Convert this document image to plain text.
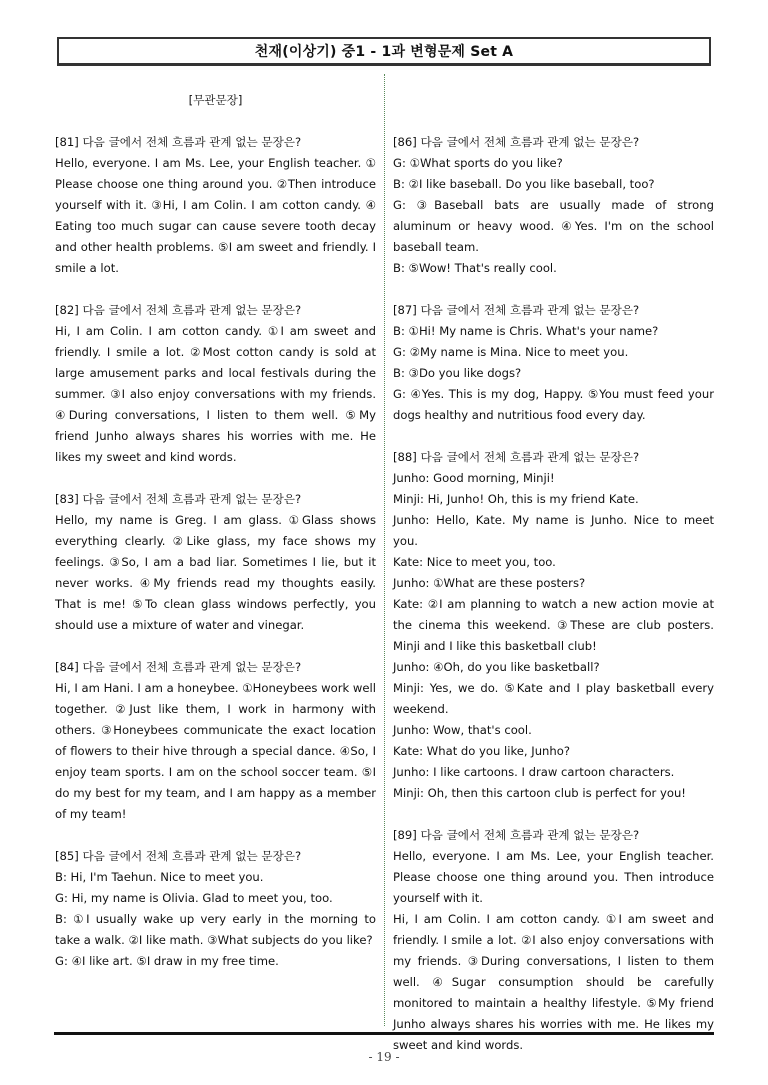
천재(이상기) 중1 - 1과 변형문제 Set A
[무관문장]

[81] 다음 글에서 전체 흐름과 관계 없는 문장은?

Hello, everyone. I am Ms. Lee, your English teacher. ① Please choose one thing around you. ②Then introduce yourself with it. ③Hi, I am Colin. I am cotton candy. ④ Eating too much sugar can cause severe tooth decay and other health problems. ⑤I am sweet and friendly. I smile a lot.

[82] 다음 글에서 전체 흐름과 관계 없는 문장은?

Hi, I am Colin. I am cotton candy. ①I am sweet and friendly. I smile a lot. ②Most cotton candy is sold at large amusement parks and local festivals during the summer. ③I also enjoy conversations with my friends. ④During conversations, I listen to them well. ⑤My friend Junho always shares his worries with me. He likes my sweet and kind words.

[83] 다음 글에서 전체 흐름과 관계 없는 문장은?

Hello, my name is Greg. I am glass. ①Glass shows everything clearly. ②Like glass, my face shows my feelings. ③So, I am a bad liar. Sometimes I lie, but it never works. ④My friends read my thoughts easily. That is me! ⑤To clean glass windows perfectly, you should use a mixture of water and vinegar.

[84] 다음 글에서 전체 흐름과 관계 없는 문장은?

Hi, I am Hani. I am a honeybee. ①Honeybees work well together. ②Just like them, I work in harmony with others. ③Honeybees communicate the exact location of flowers to their hive through a special dance. ④So, I enjoy team sports. I am on the school soccer team. ⑤I do my best for my team, and I am happy as a member of my team!

[85] 다음 글에서 전체 흐름과 관계 없는 문장은?

B: Hi, I'm Taehun. Nice to meet you.

G: Hi, my name is Olivia. Glad to meet you, too.

B: ①I usually wake up very early in the morning to take a walk. ②I like math. ③What subjects do you like?

G: ④I like art. ⑤I draw in my free time.

[86] 다음 글에서 전체 흐름과 관계 없는 문장은?

G: ①What sports do you like?

B: ②I like baseball. Do you like baseball, too?

G: ③Baseball bats are usually made of strong aluminum or heavy wood. ④Yes. I'm on the school baseball team.

B: ⑤Wow! That's really cool.

[87] 다음 글에서 전체 흐름과 관계 없는 문장은?

B: ①Hi! My name is Chris. What's your name?

G: ②My name is Mina. Nice to meet you.

B: ③Do you like dogs?

G: ④Yes. This is my dog, Happy. ⑤You must feed your dogs healthy and nutritious food every day.

[88] 다음 글에서 전체 흐름과 관계 없는 문장은?

Junho: Good morning, Minji!

Minji: Hi, Junho! Oh, this is my friend Kate.

Junho: Hello, Kate. My name is Junho. Nice to meet you.

Kate: Nice to meet you, too.

Junho: ①What are these posters?

Kate: ②I am planning to watch a new action movie at the cinema this weekend. ③These are club posters. Minji and I like this basketball club!

Junho: ④Oh, do you like basketball?

Minji: Yes, we do. ⑤Kate and I play basketball every weekend.

Junho: Wow, that's cool.

Kate: What do you like, Junho?

Junho: I like cartoons. I draw cartoon characters.

Minji: Oh, then this cartoon club is perfect for you!

[89] 다음 글에서 전체 흐름과 관계 없는 문장은?

Hello, everyone. I am Ms. Lee, your English teacher. Please choose one thing around you. Then introduce yourself with it.

Hi, I am Colin. I am cotton candy. ①I am sweet and friendly. I smile a lot. ②I also enjoy conversations with my friends. ③During conversations, I listen to them well. ④Sugar consumption should be carefully monitored to maintain a healthy lifestyle. ⑤My friend Junho always shares his worries with me. He likes my sweet and kind words.

- 19 -
